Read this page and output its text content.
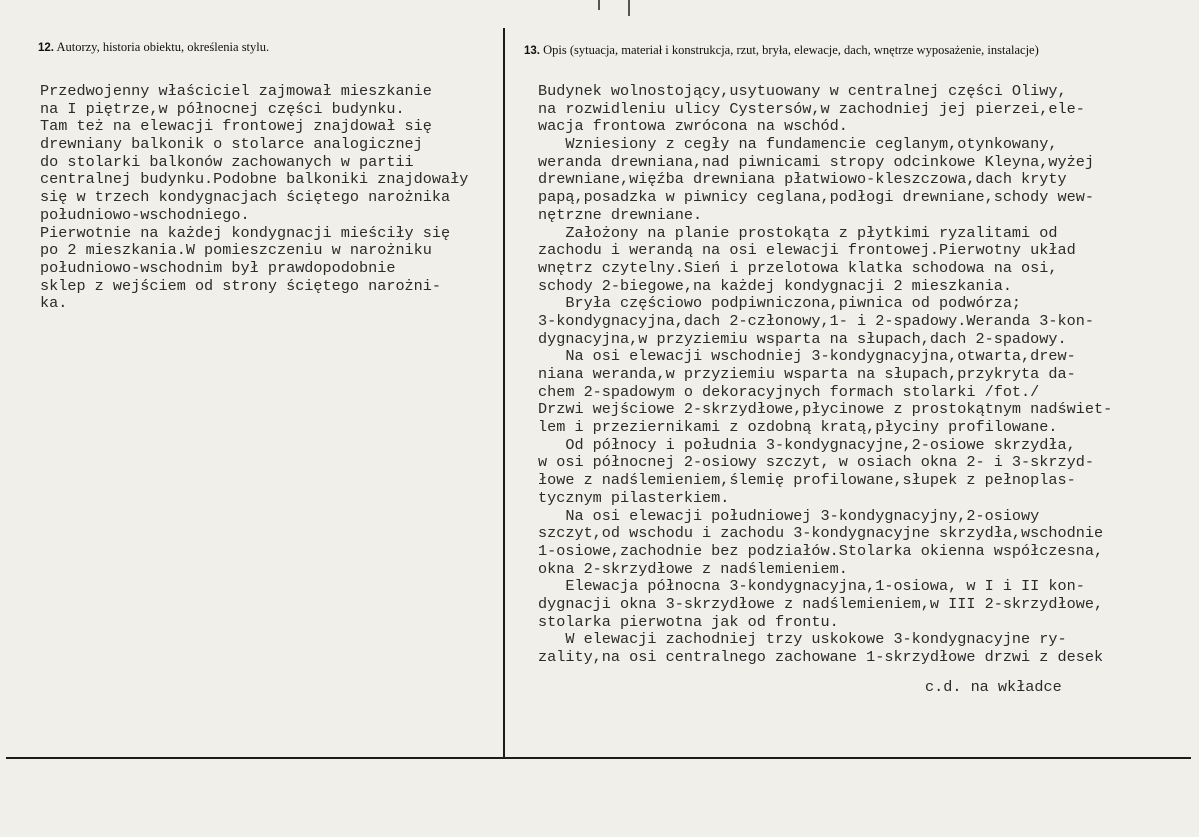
12. Autorzy, historia obiektu, określenia stylu.	13. Opis (sytuacja, materiał i konstrukcja, rzut, bryła, elewacje, dach, wnętrze wyposażenie, instalacje)
Przedwojenny właściciel zajmował mieszkanie
na I piętrze,w północnej części budynku.
Tam też na elewacji frontowej znajdował się
drewniany balkonik o stolarce analogicznej
do stolarki balkonów zachowanych w partii
centralnej budynku.Podobne balkoniki znajdowały
się w trzech kondygnacjach ściętego narożnika
południowo-wschodniego.
Pierwotnie na każdej kondygnacji mieściły się
po 2 mieszkania.W pomieszczeniu w narożniku
południowo-wschodnim był prawdopodobnie
sklep z wejściem od strony ściętego narożni-
ka.
Budynek wolnostojący,usytuowany w centralnej części Oliwy,
na rozwidleniu ulicy Cystersów,w zachodniej jej pierzei,ele-
wacja frontowa zwrócona na wschód.
Wzniesiony z cegły na fundamencie ceglanym,otynkowany,
weranda drewniana,nad piwnicami stropy odcinkowe Kleyna,wyżej
drewniane,więźba drewniana płatwiowo-kleszczowa,dach kryty
papą,posadzka w piwnicy ceglana,podłogi drewniane,schody wew-
nętrzne drewniane.
Założony na planie prostokąta z płytkimi ryzalitami od
zachodu i werandą na osi elewacji frontowej.Pierwotny układ
wnętrz czytelny.Sień i przelotowa klatka schodowa na osi,
schody 2-biegowe,na każdej kondygnacji 2 mieszkania.
Bryła częściowo podpiwniczona,piwnica od podwórza;
3-kondygnacyjna,dach 2-członowy,1- i 2-spadowy.Weranda 3-kon-
dygnacyjna,w przyziemiu wsparta na słupach,dach 2-spadowy.
Na osi elewacji wschodniej 3-kondygnacyjna,otwarta,drew-
niana weranda,w przyziemiu wsparta na słupach,przykryta da-
chem 2-spadowym o dekoracyjnych formach stolarki /fot./
Drzwi wejściowe 2-skrzydłowe,płycinowe z prostokątnym nadświet-
lem i przeziernikami z ozdobną kratą,płyciny profilowane.
Od północy i południa 3-kondygnacyjne,2-osiowe skrzydła,
w osi północnej 2-osiowy szczyt, w osiach okna 2- i 3-skrzyd-
łowe z nadślemieniem,ślemię profilowane,słupek z pełnoplas-
tycznym pilasterkiem.
Na osi elewacji południowej 3-kondygnacyjny,2-osiowy
szczyt,od wschodu i zachodu 3-kondygnacyjne skrzydła,wschodnie
1-osiowe,zachodnie bez podziałów.Stolarka okienna współczesna,
okna 2-skrzydłowe z nadślemieniem.
Elewacja północna 3-kondygnacyjna,1-osiowa, w I i II kon-
dygnacji okna 3-skrzydłowe z nadślemieniem,w III 2-skrzydłowe,
stolarka pierwotna jak od frontu.
W elewacji zachodniej trzy uskokowe 3-kondygnacyjne ry-
zality,na osi centralnego zachowane 1-skrzydłowe drzwi z desek
c.d. na wkładce
